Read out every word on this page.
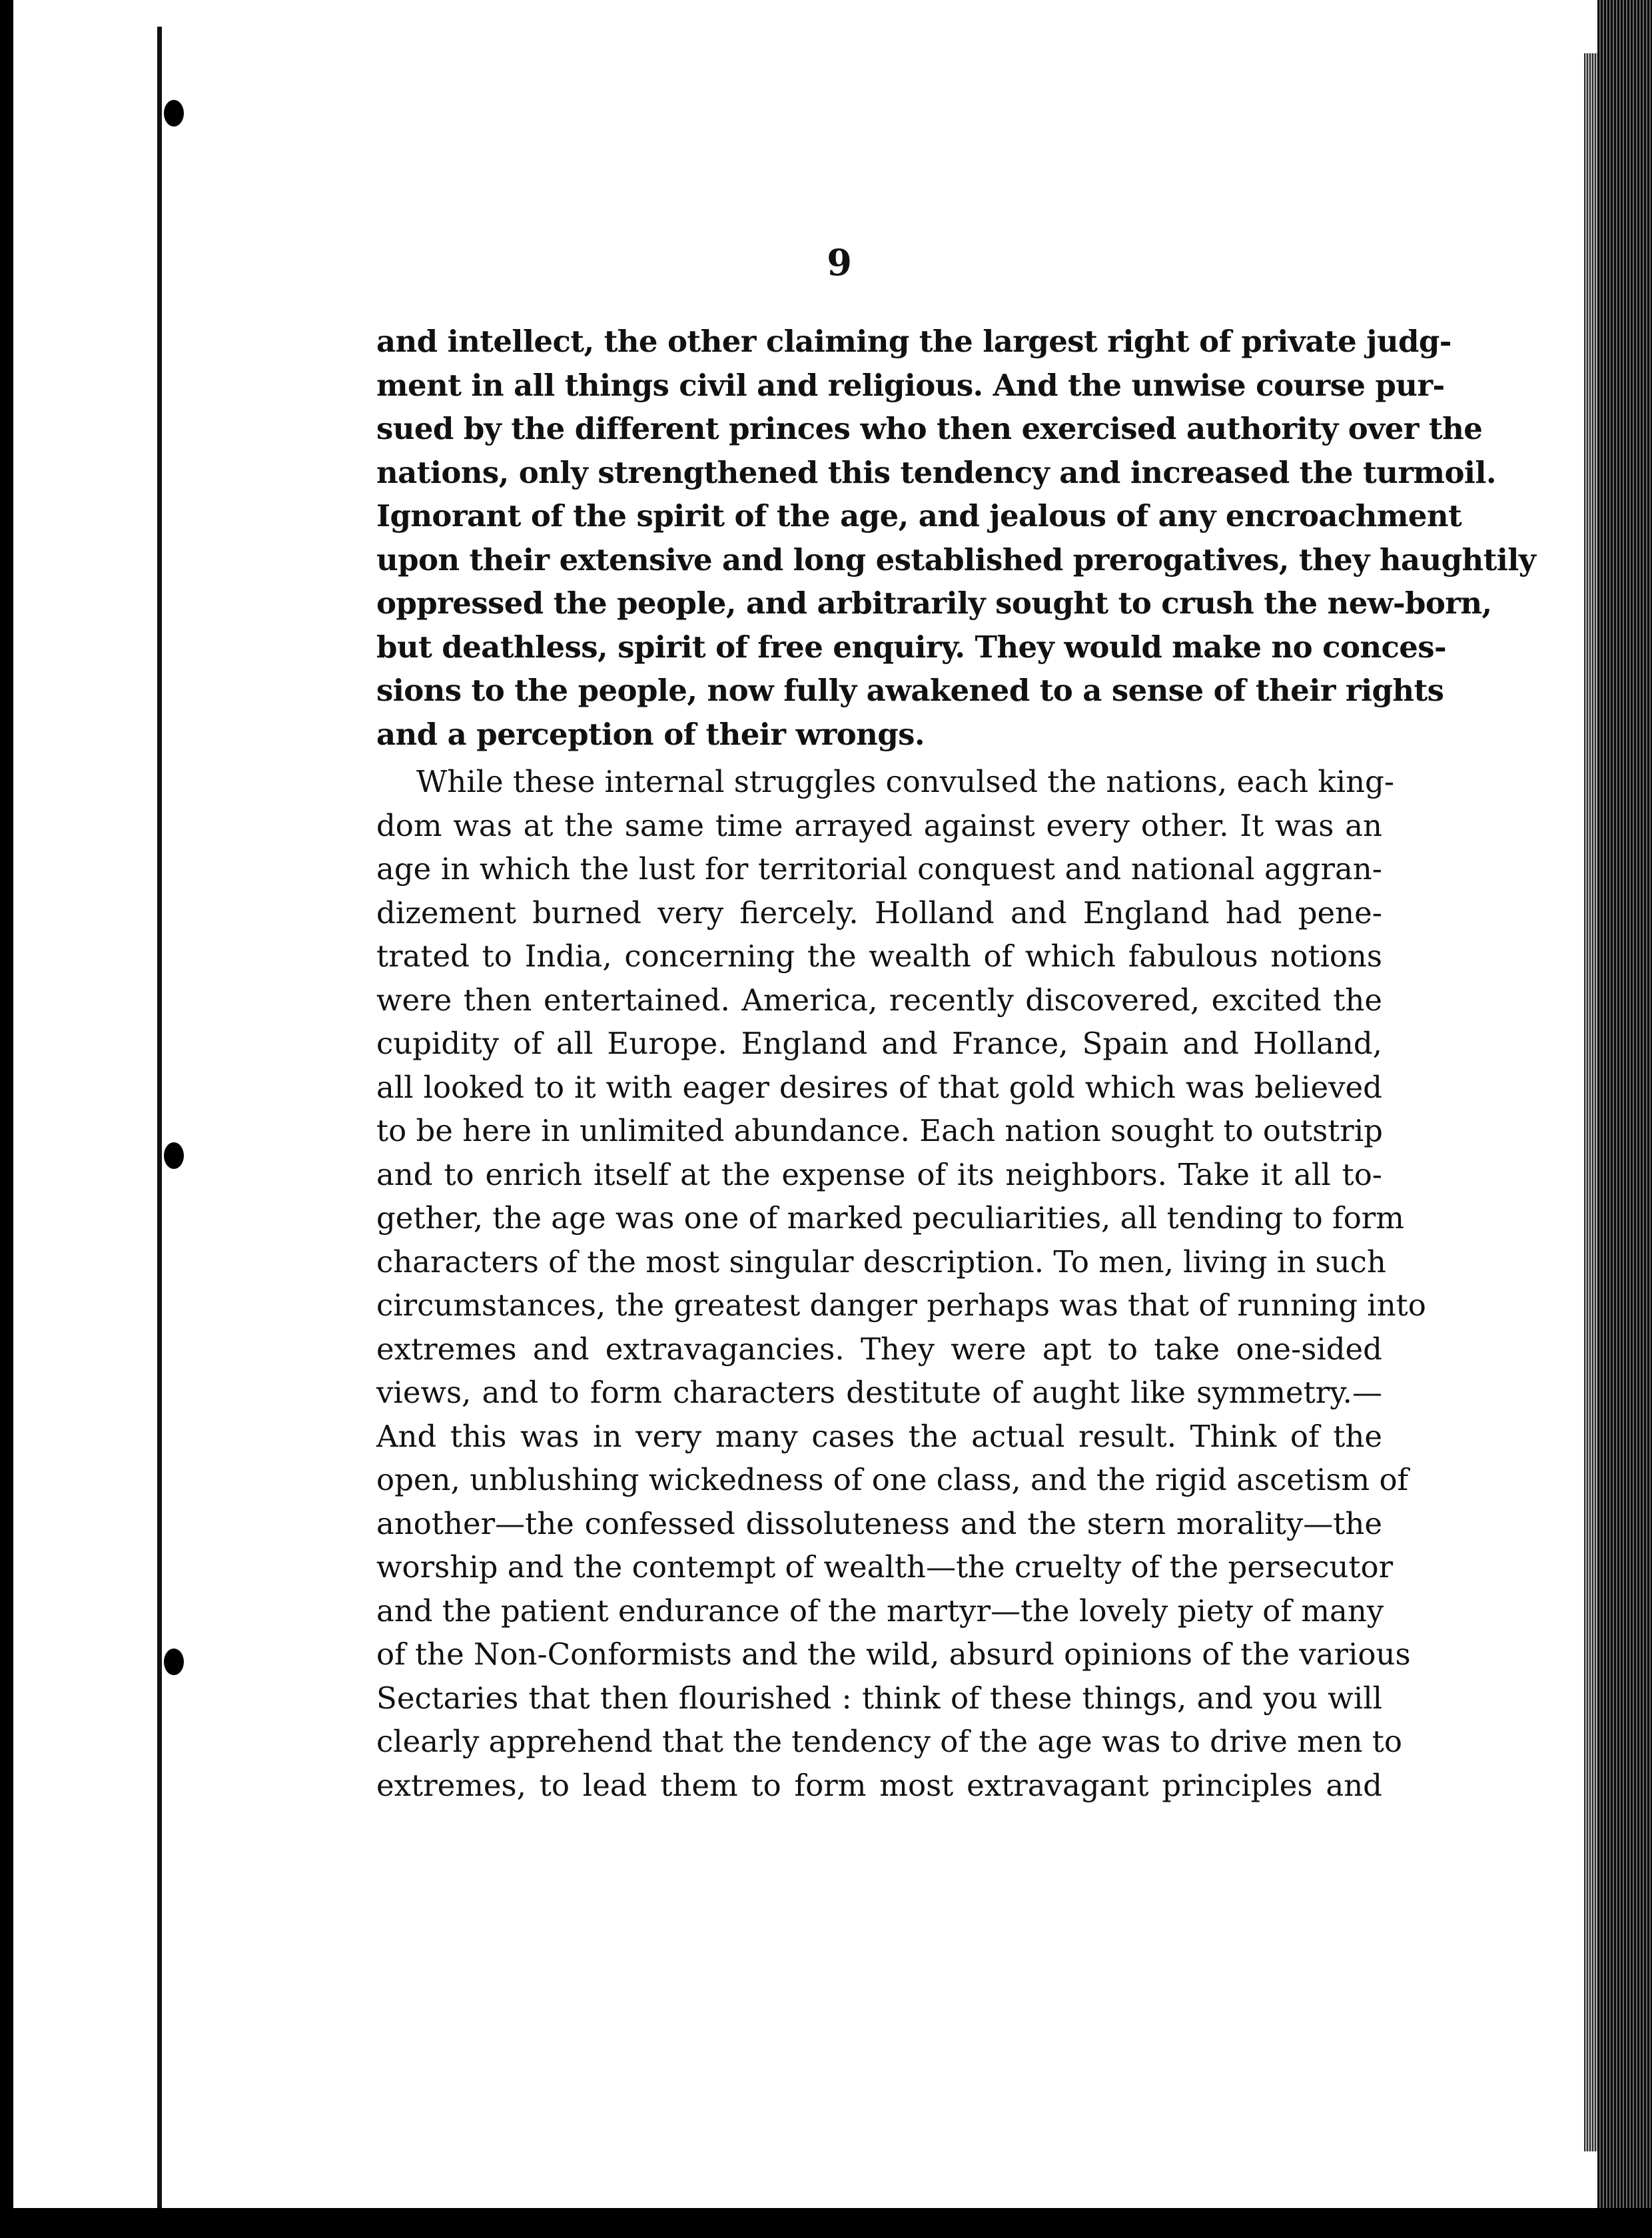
9
and intellect, the other claiming the largest right of private judg-
ment in all things civil and religious. And the unwise course pur-
sued by the different princes who then exercised authority over the
nations, only strengthened this tendency and increased the turmoil.
Ignorant of the spirit of the age, and jealous of any encroachment
upon their extensive and long established prerogatives, they haughtily
oppressed the people, and arbitrarily sought to crush the new-born,
but deathless, spirit of free enquiry. They would make no conces-
sions to the people, now fully awakened to a sense of their rights
and a perception of their wrongs.
While these internal struggles convulsed the nations, each king-
dom was at the same time arrayed against every other. It was an
age in which the lust for territorial conquest and national aggran-
dizement burned very fiercely. Holland and England had pene-
trated to India, concerning the wealth of which fabulous notions
were then entertained. America, recently discovered, excited the
cupidity of all Europe. England and France, Spain and Holland,
all looked to it with eager desires of that gold which was believed
to be here in unlimited abundance. Each nation sought to outstrip
and to enrich itself at the expense of its neighbors. Take it all to-
gether, the age was one of marked peculiarities, all tending to form
characters of the most singular description. To men, living in such
circumstances, the greatest danger perhaps was that of running into
extremes and extravagancies. They were apt to take one-sided
views, and to form characters destitute of aught like symmetry.—
And this was in very many cases the actual result. Think of the
open, unblushing wickedness of one class, and the rigid ascetism of
another—the confessed dissoluteness and the stern morality—the
worship and the contempt of wealth—the cruelty of the persecutor
and the patient endurance of the martyr—the lovely piety of many
of the Non-Conformists and the wild, absurd opinions of the various
Sectaries that then flourished : think of these things, and you will
clearly apprehend that the tendency of the age was to drive men to
extremes, to lead them to form most extravagant principles and
